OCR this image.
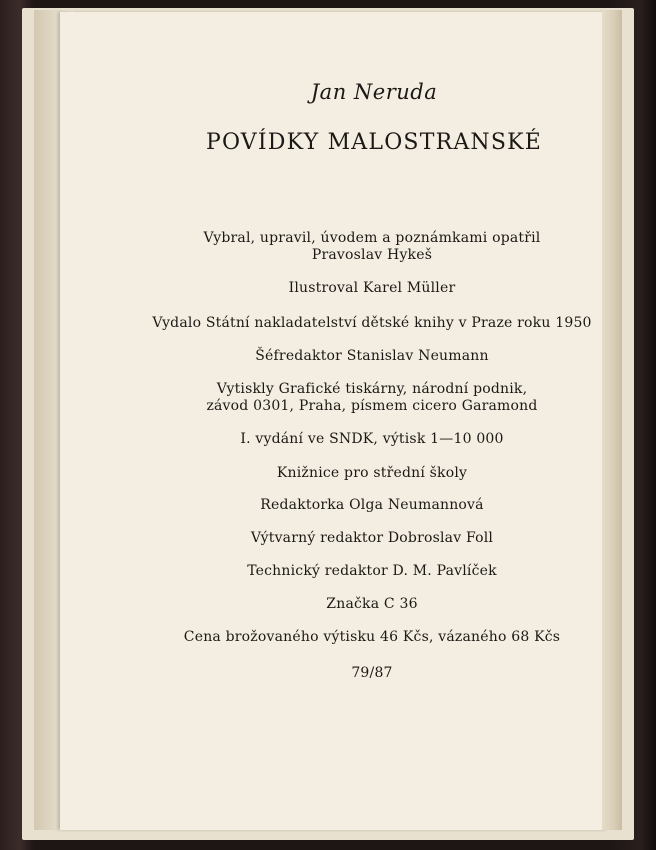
Jan Neruda
POVÍDKY MALOSTRANSKÉ
Vybral, upravil, úvodem a poznámkami opatřil
Pravoslav Hykeš
Ilustroval Karel Müller
Vydalo Státní nakladatelství dětské knihy v Praze roku 1950
Šéfredaktor Stanislav Neumann
Vytiskly Grafické tiskárny, národní podnik,
závod 0301, Praha, písmem cicero Garamond
I. vydání ve SNDK, výtisk 1—10 000
Knižnice pro střední školy
Redaktorka Olga Neumannová
Výtvarný redaktor Dobroslav Foll
Technický redaktor D. M. Pavlíček
Značka C 36
Cena brožovaného výtisku 46 Kčs, vázaného 68 Kčs
79/87
